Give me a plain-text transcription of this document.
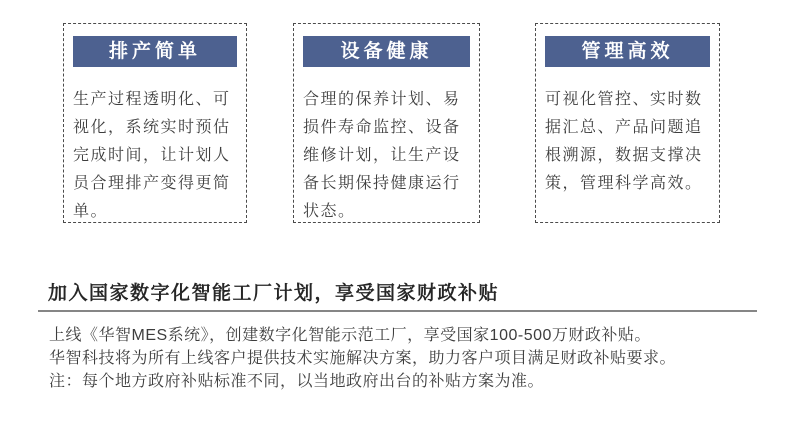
排产简单
生产过程透明化、可视化，系统实时预估完成时间，让计划人员合理排产变得更简单。
设备健康
合理的保养计划、易损件寿命监控、设备维修计划，让生产设备长期保持健康运行状态。
管理高效
可视化管控、实时数据汇总、产品问题追根溯源，数据支撑决策，管理科学高效。
加入国家数字化智能工厂计划，享受国家财政补贴
上线《华智MES系统》，创建数字化智能示范工厂，享受国家100-500万财政补贴。
华智科技将为所有上线客户提供技术实施解决方案，助力客户项目满足财政补贴要求。
注：每个地方政府补贴标准不同，以当地政府出台的补贴方案为准。
